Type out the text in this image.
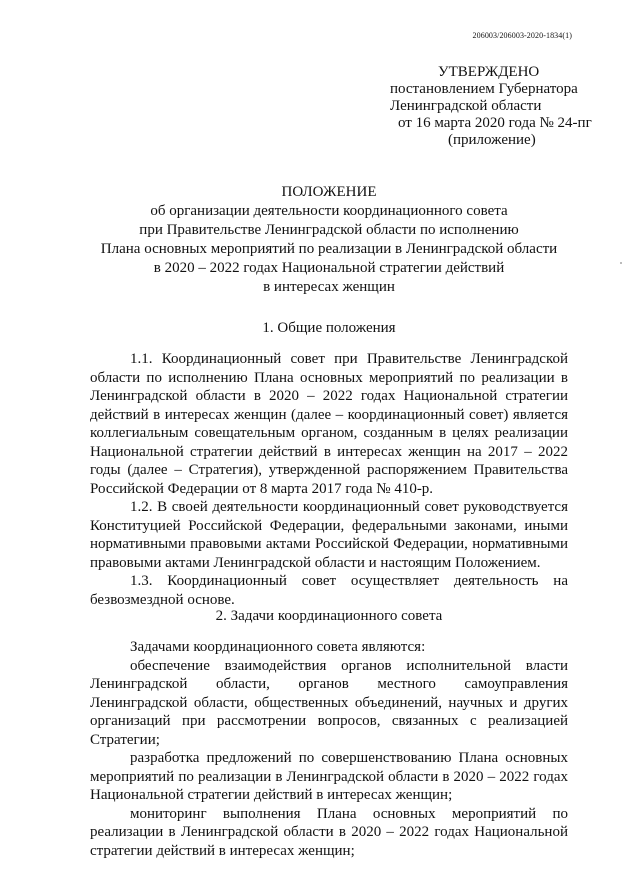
206003/206003-2020-1834(1)
УТВЕРЖДЕНО
постановлением Губернатора
Ленинградской области
от 16 марта 2020 года № 24-пг
(приложение)
ПОЛОЖЕНИЕ
об организации деятельности координационного совета
при Правительстве Ленинградской области по исполнению
Плана основных мероприятий по реализации в Ленинградской области
в 2020 – 2022 годах Национальной стратегии действий
в интересах женщин
1. Общие положения

1.1. Координационный совет при Правительстве Ленинградской области по исполнению Плана основных мероприятий по реализации в Ленинградской области в 2020 – 2022 годах Национальной стратегии действий в интересах женщин (далее – координационный совет) является коллегиальным совещательным органом, созданным в целях реализации Национальной стратегии действий в интересах женщин на 2017 – 2022 годы (далее – Стратегия), утвержденной распоряжением Правительства Российской Федерации от 8 марта 2017 года № 410-р.

1.2. В своей деятельности координационный совет руководствуется Конституцией Российской Федерации, федеральными законами, иными нормативными правовыми актами Российской Федерации, нормативными правовыми актами Ленинградской области и настоящим Положением.

1.3. Координационный совет осуществляет деятельность на безвозмездной основе.

2. Задачи координационного совета

Задачами координационного совета являются:

обеспечение взаимодействия органов исполнительной власти Ленинградской области, органов местного самоуправления Ленинградской области, общественных объединений, научных и других организаций при рассмотрении вопросов, связанных с реализацией Стратегии;

разработка предложений по совершенствованию Плана основных мероприятий по реализации в Ленинградской области в 2020 – 2022 годах Национальной стратегии действий в интересах женщин;

мониторинг выполнения Плана основных мероприятий по реализации в Ленинградской области в 2020 – 2022 годах Национальной стратегии действий в интересах женщин;
